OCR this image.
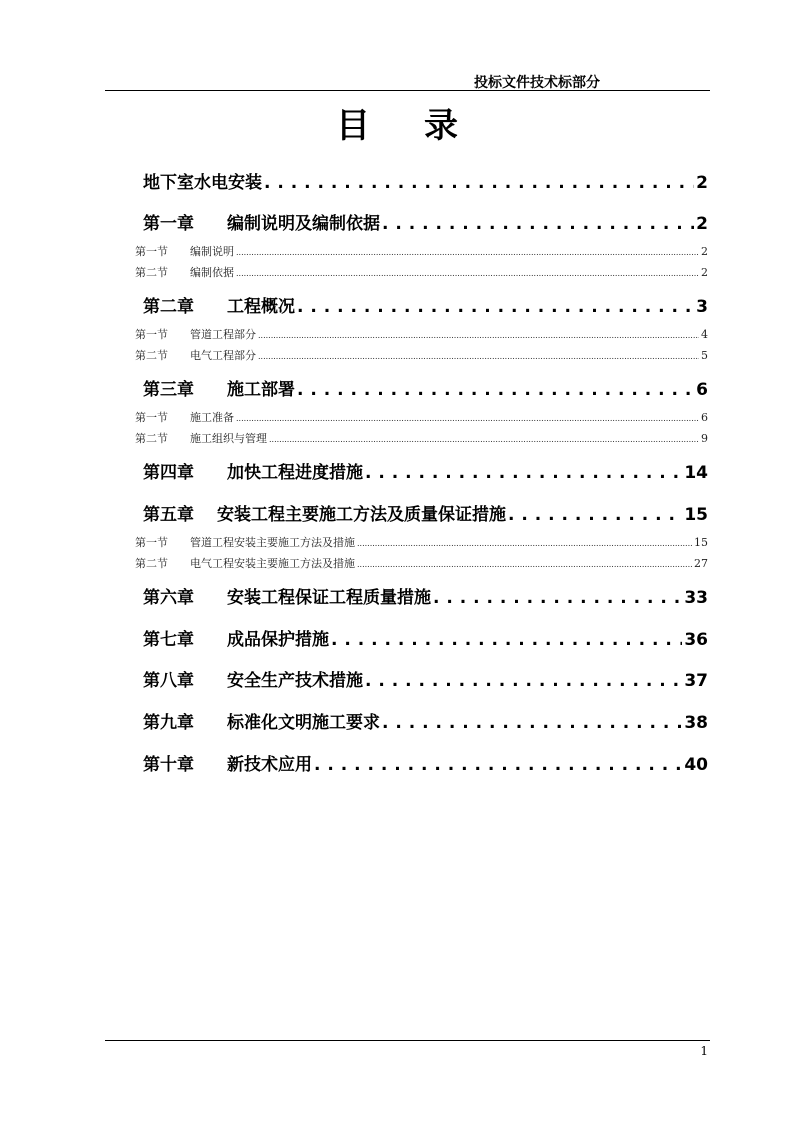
投标文件技术标部分
目 录
地下室水电安装 . . .	2
第一章	编制说明及编制依据 . . .	2
第一节	编制说明 .....	2
第二节	编制依据 .....	2
第二章	工程概况 . . .	3
第一节	管道工程部分 .....	4
第二节	电气工程部分 .....	5
第三章	施工部署 . . .	6
第一节	施工准备 .....	6
第二节	施工组织与管理 .....	9
第四章	加快工程进度措施 . . .	14
第五章	安装工程主要施工方法及质量保证措施 . . .	15
第一节	管道工程安装主要施工方法及措施 .....	15
第二节	电气工程安装主要施工方法及措施 .....	27
第六章	安装工程保证工程质量措施 . . .	33
第七章	成品保护措施 . . .	36
第八章	安全生产技术措施 . . .	37
第九章	标准化文明施工要求 . . .	38
第十章	新技术应用 . . .	40
1
